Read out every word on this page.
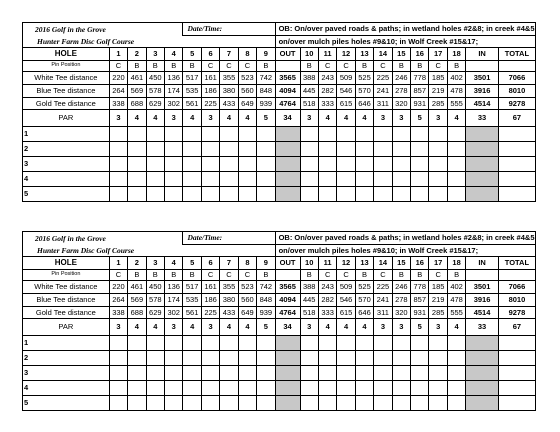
2016 Golf in the Grove					Date/Time:					OB: On/over paved roads & paths; in wetland holes #2&8; in creek #4&5											
Hunter Farm Disc Golf Course										on/over mulch piles holes #9&10; in Wolf Creek #15&17;											
HOLE	1	2	3	4	5	6	7	8	9	OUT	10	11	12	13	14	15	16	17	18	IN	TOTAL
Pin Position	C	B	B	B	B	C	C	C	B		B	C	C	B	C	B	B	C	B		
White Tee distance	220	461	450	136	517	161	355	523	742	3565	388	243	509	525	225	246	778	185	402	3501	7066
Blue Tee distance	264	569	578	174	535	186	380	560	848	4094	445	282	546	570	241	278	857	219	478	3916	8010
Gold Tee distance	338	688	629	302	561	225	433	649	939	4764	518	333	615	646	311	320	931	285	555	4514	9278
PAR	3	4	4	3	4	3	4	4	5	34	3	4	4	4	3	3	5	3	4	33	67
1																					
2																					
3																					
4																					
5																					
2016 Golf in the Grove					Date/Time:					OB: On/over paved roads & paths; in wetland holes #2&8; in creek #4&5											
Hunter Farm Disc Golf Course										on/over mulch piles holes #9&10; in Wolf Creek #15&17;											
HOLE	1	2	3	4	5	6	7	8	9	OUT	10	11	12	13	14	15	16	17	18	IN	TOTAL
Pin Position	C	B	B	B	B	C	C	C	B		B	C	C	B	C	B	B	C	B		
White Tee distance	220	461	450	136	517	161	355	523	742	3565	388	243	509	525	225	246	778	185	402	3501	7066
Blue Tee distance	264	569	578	174	535	186	380	560	848	4094	445	282	546	570	241	278	857	219	478	3916	8010
Gold Tee distance	338	688	629	302	561	225	433	649	939	4764	518	333	615	646	311	320	931	285	555	4514	9278
PAR	3	4	4	3	4	3	4	4	5	34	3	4	4	4	3	3	5	3	4	33	67
1																					
2																					
3																					
4																					
5																					
